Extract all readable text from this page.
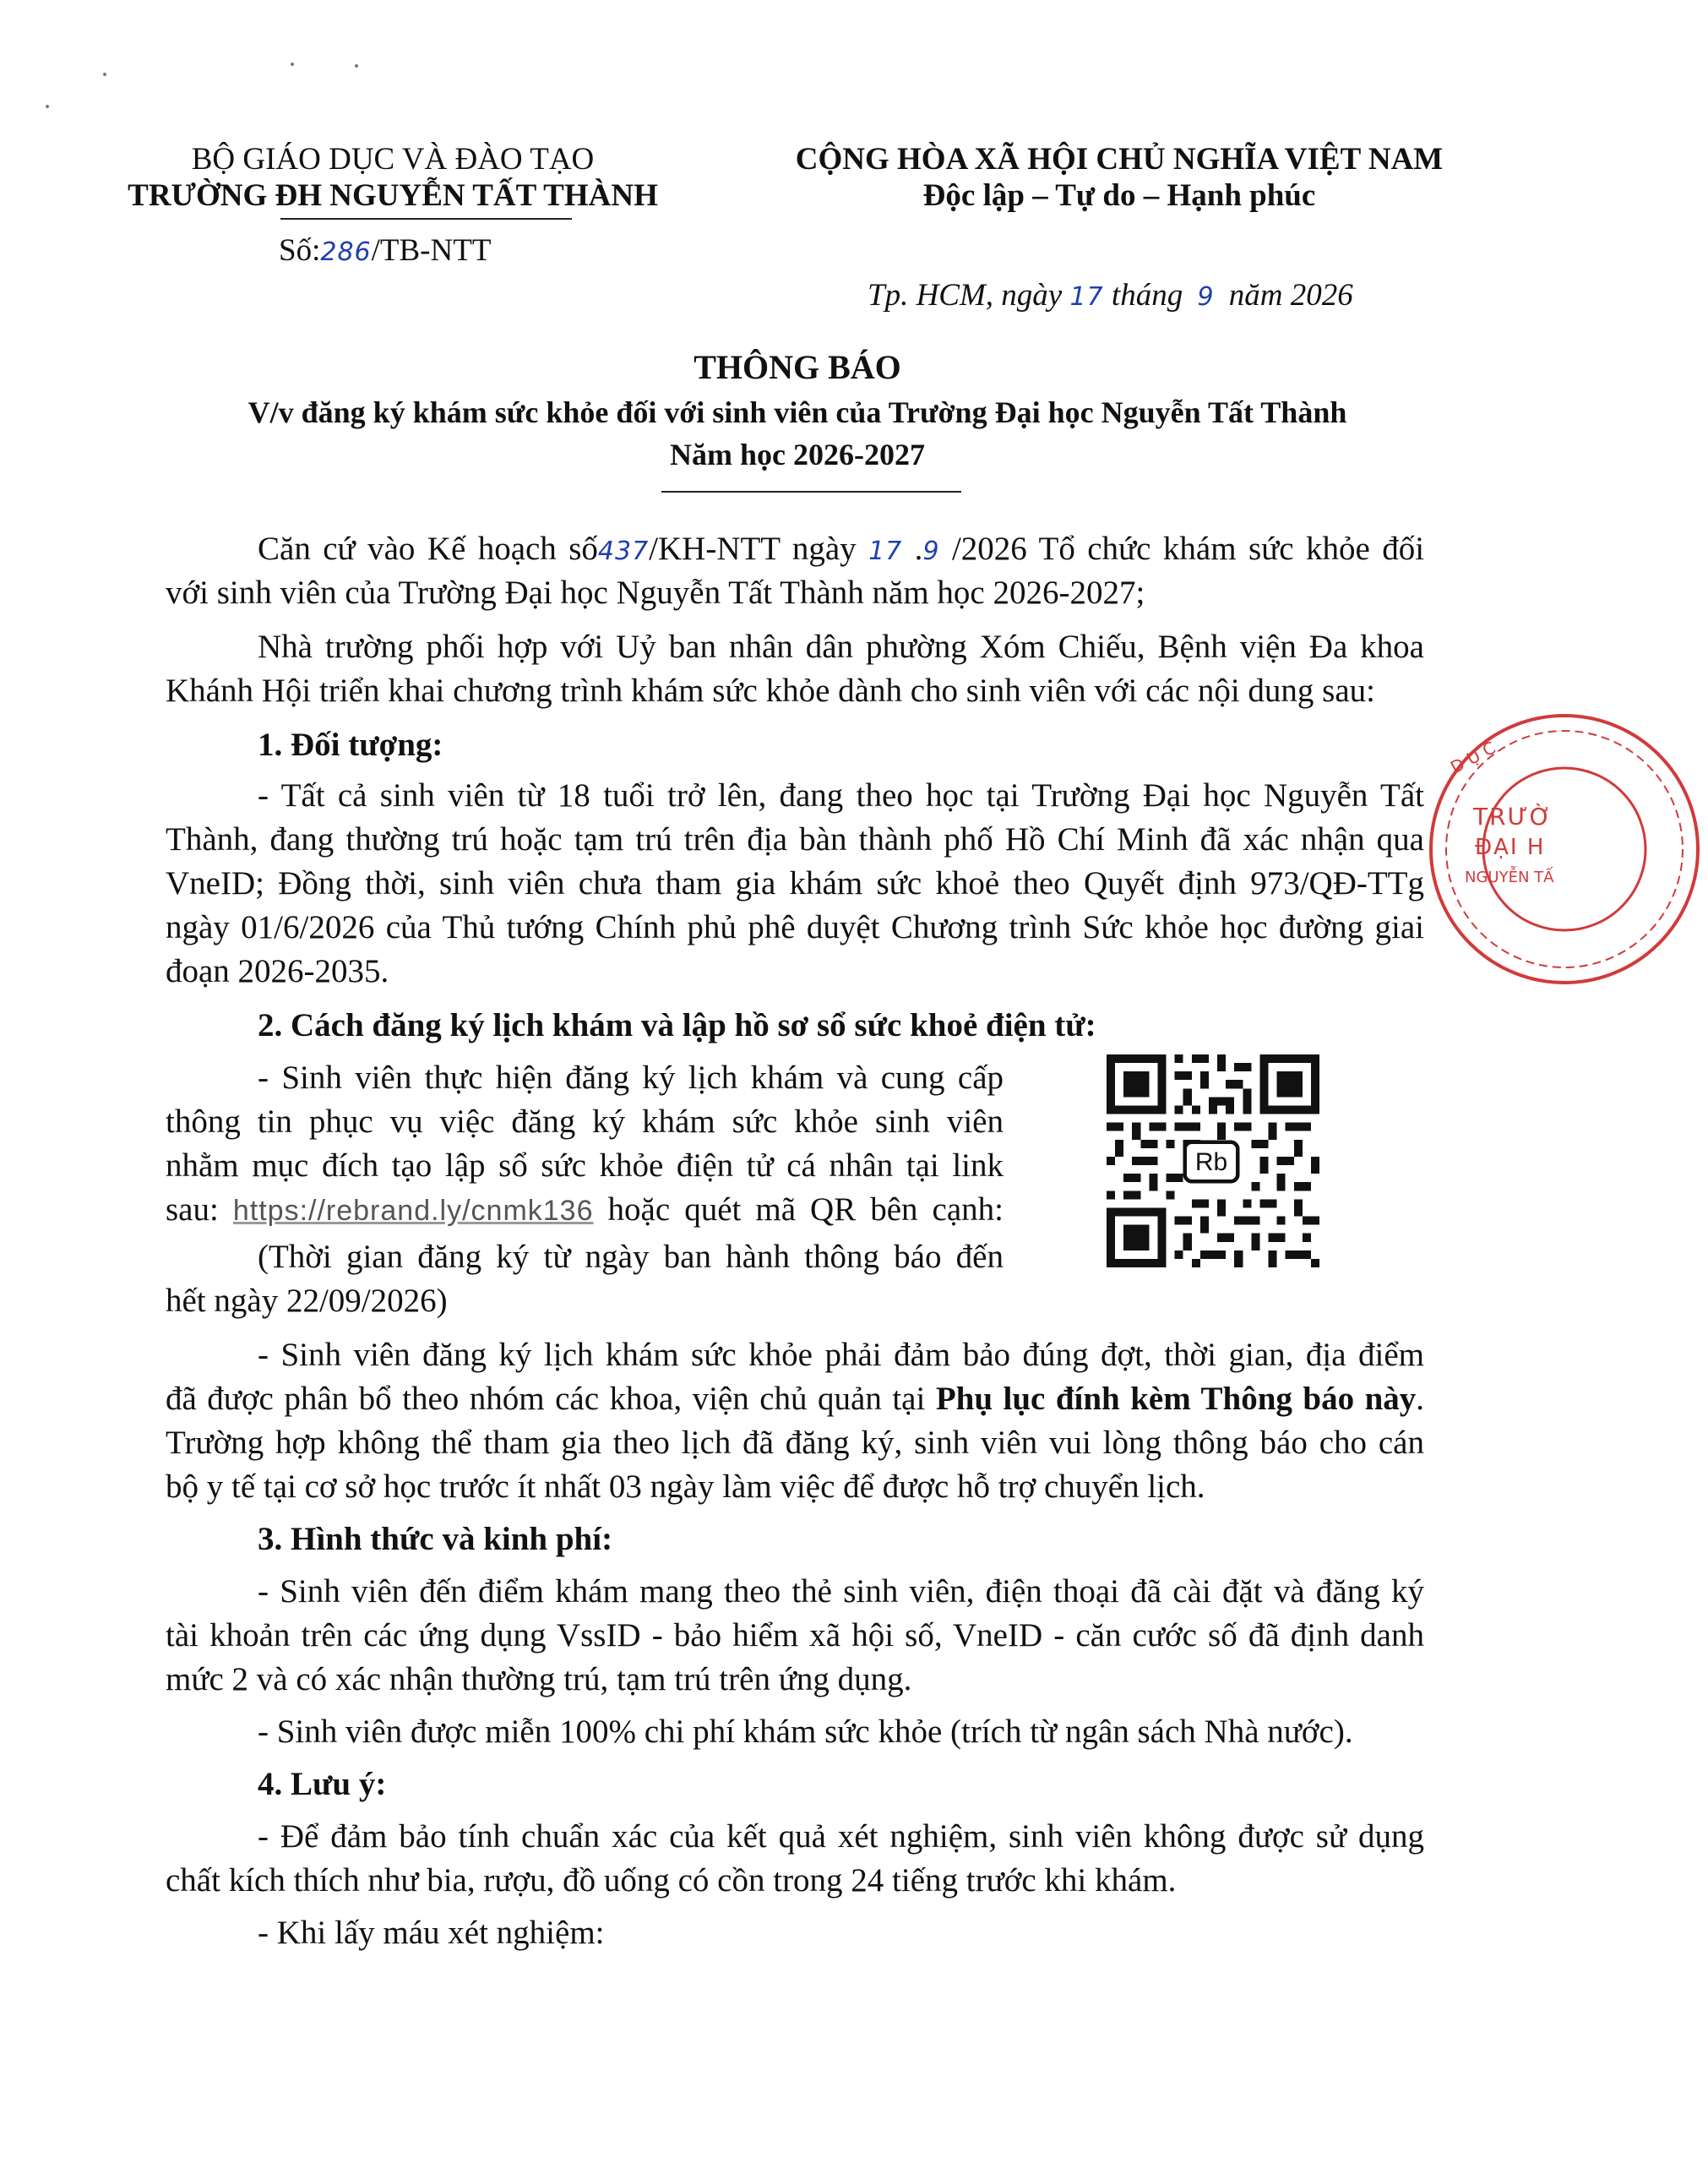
BỘ GIÁO DỤC VÀ ĐÀO TẠO
TRƯỜNG ĐH NGUYỄN TẤT THÀNH
Số:286/TB-NTT
CỘNG HÒA XÃ HỘI CHỦ NGHĨA VIỆT NAM
Độc lập – Tự do – Hạnh phúc
Tp. HCM, ngày 17 tháng 9 năm 2026
THÔNG BÁO
V/v đăng ký khám sức khỏe đối với sinh viên của Trường Đại học Nguyễn Tất Thành
Năm học 2026-2027
Căn cứ vào Kế hoạch số437/KH-NTT ngày 17 .9 /2026 Tổ chức khám sức khỏe đối
với sinh viên của Trường Đại học Nguyễn Tất Thành năm học 2026-2027;
Nhà trường phối hợp với Uỷ ban nhân dân phường Xóm Chiếu, Bệnh viện Đa khoa
Khánh Hội triển khai chương trình khám sức khỏe dành cho sinh viên với các nội dung sau:
1. Đối tượng:
- Tất cả sinh viên từ 18 tuổi trở lên, đang theo học tại Trường Đại học Nguyễn Tất
Thành, đang thường trú hoặc tạm trú trên địa bàn thành phố Hồ Chí Minh đã xác nhận qua
VneID; Đồng thời, sinh viên chưa tham gia khám sức khoẻ theo Quyết định 973/QĐ-TTg
ngày 01/6/2026 của Thủ tướng Chính phủ phê duyệt Chương trình Sức khỏe học đường giai
đoạn 2026-2035.
2. Cách đăng ký lịch khám và lập hồ sơ sổ sức khoẻ điện tử:
- Sinh viên thực hiện đăng ký lịch khám và cung cấp
thông tin phục vụ việc đăng ký khám sức khỏe sinh viên
nhằm mục đích tạo lập sổ sức khỏe điện tử cá nhân tại link
sau: https://rebrand.ly/cnmk136 hoặc quét mã QR bên cạnh:
(Thời gian đăng ký từ ngày ban hành thông báo đến
hết ngày 22/09/2026)
Rb
- Sinh viên đăng ký lịch khám sức khỏe phải đảm bảo đúng đợt, thời gian, địa điểm
đã được phân bổ theo nhóm các khoa, viện chủ quản tại Phụ lục đính kèm Thông báo này.
Trường hợp không thể tham gia theo lịch đã đăng ký, sinh viên vui lòng thông báo cho cán
bộ y tế tại cơ sở học trước ít nhất 03 ngày làm việc để được hỗ trợ chuyển lịch.
3. Hình thức và kinh phí:
- Sinh viên đến điểm khám mang theo thẻ sinh viên, điện thoại đã cài đặt và đăng ký
tài khoản trên các ứng dụng VssID - bảo hiểm xã hội số, VneID - căn cước số đã định danh
mức 2 và có xác nhận thường trú, tạm trú trên ứng dụng.
- Sinh viên được miễn 100% chi phí khám sức khỏe (trích từ ngân sách Nhà nước).
4. Lưu ý:
- Để đảm bảo tính chuẩn xác của kết quả xét nghiệm, sinh viên không được sử dụng
chất kích thích như bia, rượu, đồ uống có cồn trong 24 tiếng trước khi khám.
- Khi lấy máu xét nghiệm:
D Ụ C
TRƯỜ
ĐẠI H
NGUYỄN TẤ
